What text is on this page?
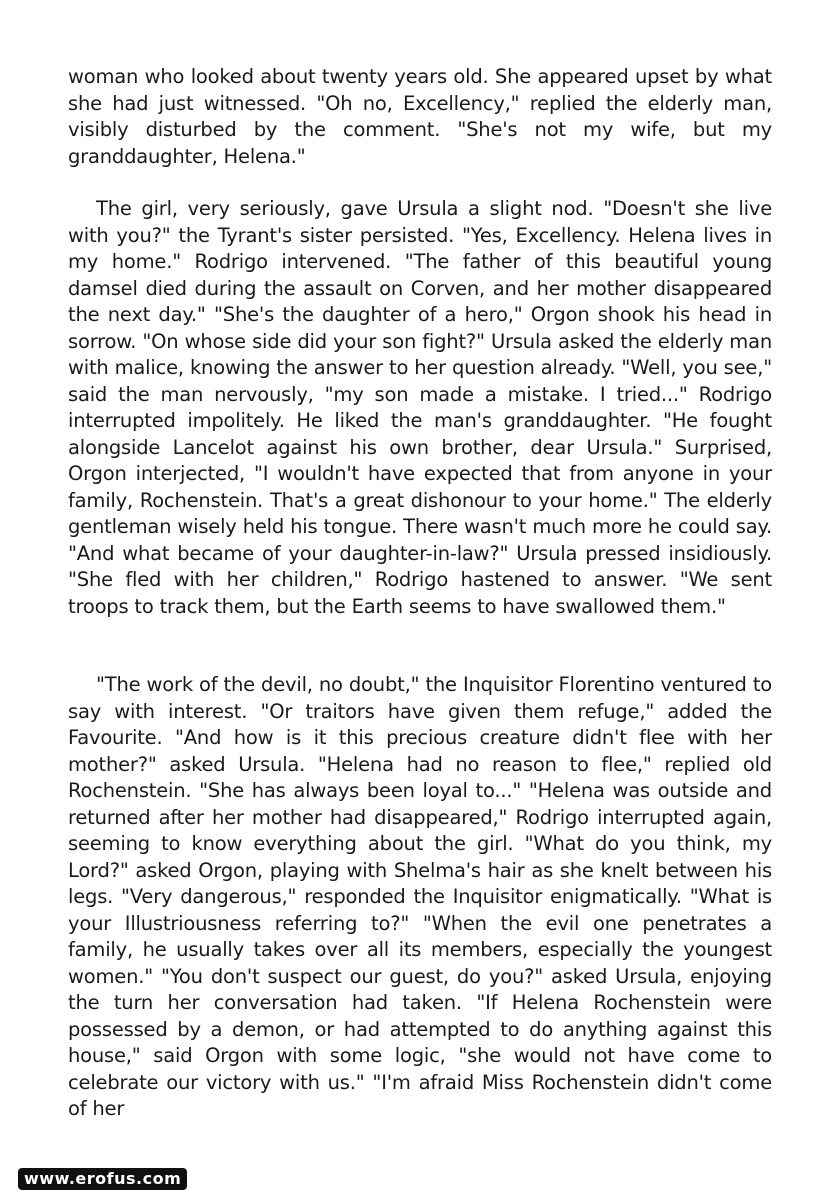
woman who looked about twenty years old. She appeared upset by what she had just witnessed. "Oh no, Excellency," replied the elderly man, visibly disturbed by the comment. "She's not my wife, but my granddaughter, Helena."

The girl, very seriously, gave Ursula a slight nod. "Doesn't she live with you?" the Tyrant's sister persisted. "Yes, Excellency. Helena lives in my home." Rodrigo intervened. "The father of this beautiful young damsel died during the assault on Corven, and her mother disappeared the next day." "She's the daughter of a hero," Orgon shook his head in sorrow. "On whose side did your son fight?" Ursula asked the elderly man with malice, knowing the answer to her question already. "Well, you see," said the man nervously, "my son made a mistake. I tried..." Rodrigo interrupted impolitely. He liked the man's granddaughter. "He fought alongside Lancelot against his own brother, dear Ursula." Surprised, Orgon interjected, "I wouldn't have expected that from anyone in your family, Rochenstein. That's a great dishonour to your home." The elderly gentleman wisely held his tongue. There wasn't much more he could say. "And what became of your daughter-in-law?" Ursula pressed insidiously. "She fled with her children," Rodrigo hastened to answer. "We sent troops to track them, but the Earth seems to have swallowed them."

"The work of the devil, no doubt," the Inquisitor Florentino ventured to say with interest. "Or traitors have given them refuge," added the Favourite. "And how is it this precious creature didn't flee with her mother?" asked Ursula. "Helena had no reason to flee," replied old Rochenstein. "She has always been loyal to..." "Helena was outside and returned after her mother had disappeared," Rodrigo interrupted again, seeming to know everything about the girl. "What do you think, my Lord?" asked Orgon, playing with Shelma's hair as she knelt between his legs. "Very dangerous," responded the Inquisitor enigmatically. "What is your Illustriousness referring to?" "When the evil one penetrates a family, he usually takes over all its members, especially the youngest women." "You don't suspect our guest, do you?" asked Ursula, enjoying the turn her conversation had taken. "If Helena Rochenstein were possessed by a demon, or had attempted to do anything against this house," said Orgon with some logic, "she would not have come to celebrate our victory with us." "I'm afraid Miss Rochenstein didn't come of her

www.erofus.com
